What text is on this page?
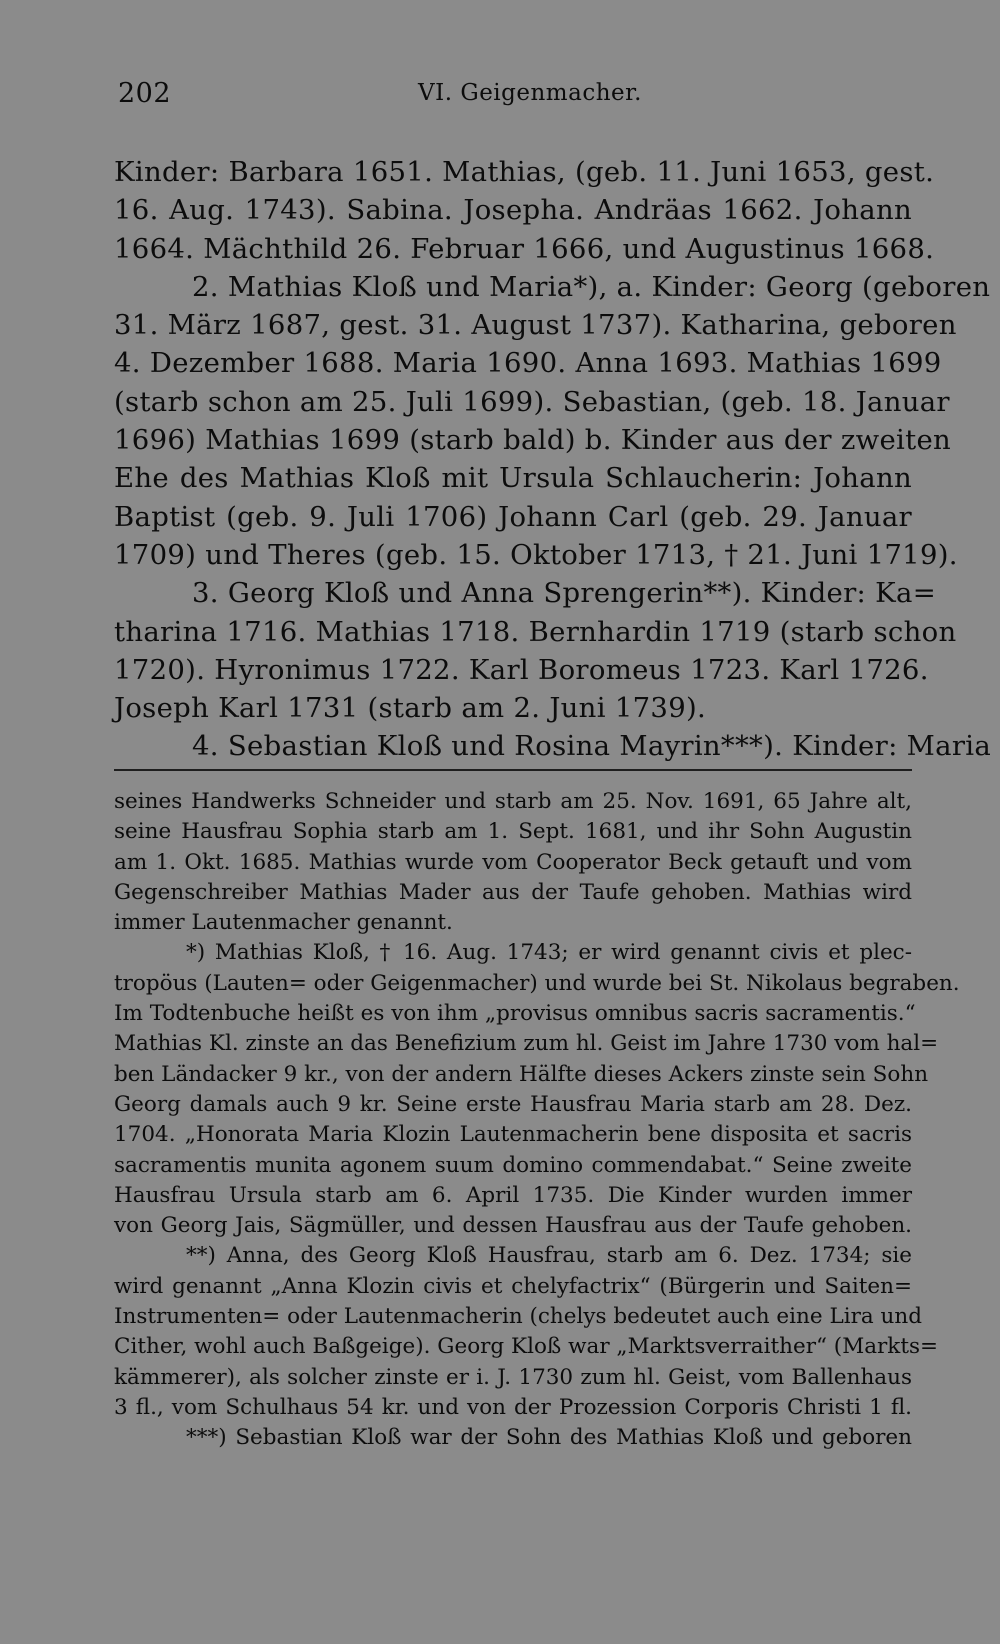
202	VI. Geigenmacher.
Kinder: Barbara 1651. Mathias, (geb. 11. Juni 1653, gest.
16. Aug. 1743). Sabina. Josepha. Andräas 1662. Johann
1664. Mächthild 26. Februar 1666, und Augustinus 1668.
2. Mathias Kloß und Maria*), a. Kinder: Georg (geboren
31. März 1687, gest. 31. August 1737). Katharina, geboren
4. Dezember 1688. Maria 1690. Anna 1693. Mathias 1699
(starb schon am 25. Juli 1699). Sebastian, (geb. 18. Januar
1696) Mathias 1699 (starb bald) b. Kinder aus der zweiten
Ehe des Mathias Kloß mit Ursula Schlaucherin: Johann
Baptist (geb. 9. Juli 1706) Johann Carl (geb. 29. Januar
1709) und Theres (geb. 15. Oktober 1713, † 21. Juni 1719).
3. Georg Kloß und Anna Sprengerin**). Kinder: Ka=
tharina 1716. Mathias 1718. Bernhardin 1719 (starb schon
1720). Hyronimus 1722. Karl Boromeus 1723. Karl 1726.
Joseph Karl 1731 (starb am 2. Juni 1739).
4. Sebastian Kloß und Rosina Mayrin***). Kinder: Maria
seines Handwerks Schneider und starb am 25. Nov. 1691, 65 Jahre alt,
seine Hausfrau Sophia starb am 1. Sept. 1681, und ihr Sohn Augustin
am 1. Okt. 1685. Mathias wurde vom Cooperator Beck getauft und vom
Gegenschreiber Mathias Mader aus der Taufe gehoben. Mathias wird
immer Lautenmacher genannt.
*) Mathias Kloß, † 16. Aug. 1743; er wird genannt civis et plec-
tropöus (Lauten= oder Geigenmacher) und wurde bei St. Nikolaus begraben.
Im Todtenbuche heißt es von ihm „provisus omnibus sacris sacramentis.“
Mathias Kl. zinste an das Benefizium zum hl. Geist im Jahre 1730 vom hal=
ben Ländacker 9 kr., von der andern Hälfte dieses Ackers zinste sein Sohn
Georg damals auch 9 kr. Seine erste Hausfrau Maria starb am 28. Dez.
1704. „Honorata Maria Klozin Lautenmacherin bene disposita et sacris
sacramentis munita agonem suum domino commendabat.“ Seine zweite
Hausfrau Ursula starb am 6. April 1735. Die Kinder wurden immer
von Georg Jais, Sägmüller, und dessen Hausfrau aus der Taufe gehoben.
**) Anna, des Georg Kloß Hausfrau, starb am 6. Dez. 1734; sie
wird genannt „Anna Klozin civis et chelyfactrix“ (Bürgerin und Saiten=
Instrumenten= oder Lautenmacherin (chelys bedeutet auch eine Lira und
Cither, wohl auch Baßgeige). Georg Kloß war „Marktsverraither“ (Markts=
kämmerer), als solcher zinste er i. J. 1730 zum hl. Geist, vom Ballenhaus
3 fl., vom Schulhaus 54 kr. und von der Prozession Corporis Christi 1 fl.
***) Sebastian Kloß war der Sohn des Mathias Kloß und geboren
